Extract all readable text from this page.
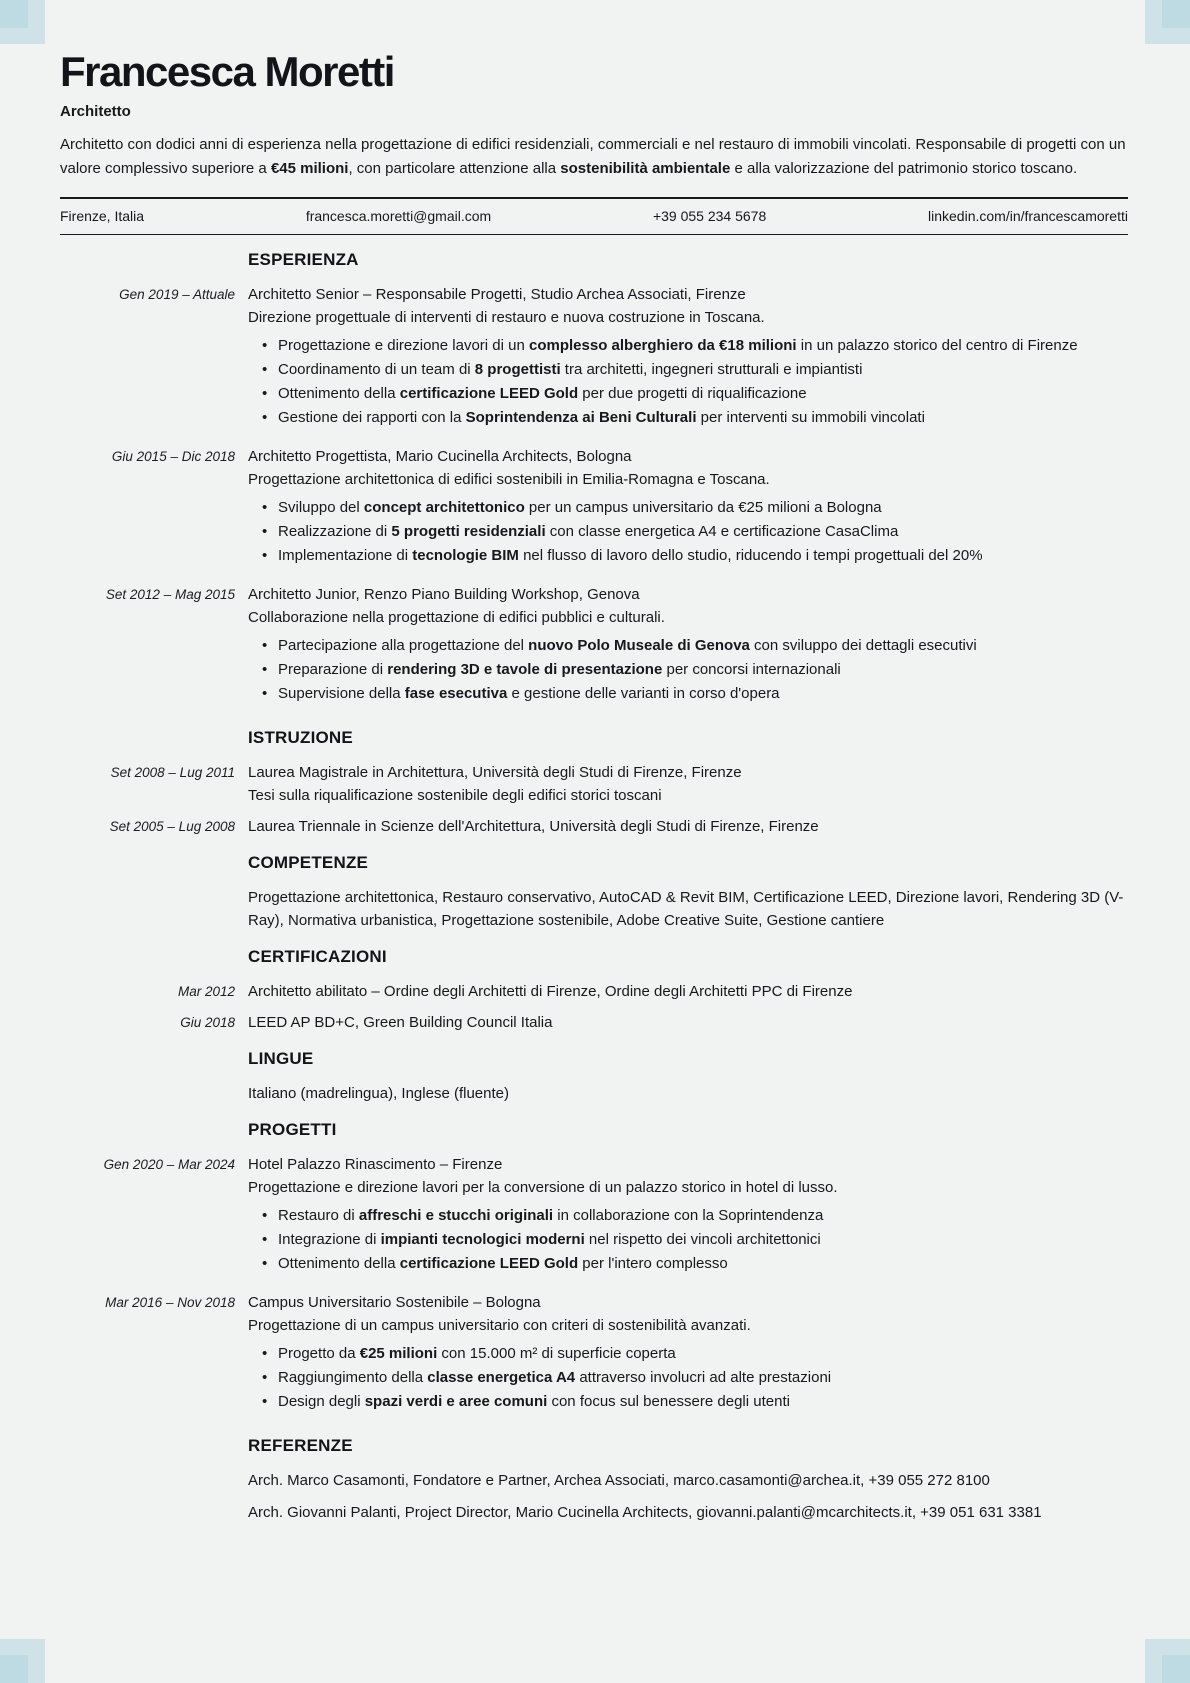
Francesca Moretti
Architetto

Architetto con dodici anni di esperienza nella progettazione di edifici residenziali, commerciali e nel restauro di immobili vincolati. Responsabile di progetti con un valore complessivo superiore a €45 milioni, con particolare attenzione alla sostenibilità ambientale e alla valorizzazione del patrimonio storico toscano.

Firenze, Italia	francesca.moretti@gmail.com	+39 055 234 5678	linkedin.com/in/francescamoretti
ESPERIENZA
Gen 2019 – Attuale Architetto Senior – Responsabile Progetti, Studio Archea Associati, Firenze
Direzione progettuale di interventi di restauro e nuova costruzione in Toscana.
• Progettazione e direzione lavori di un complesso alberghiero da €18 milioni in un palazzo storico del centro di Firenze
• Coordinamento di un team di 8 progettisti tra architetti, ingegneri strutturali e impiantisti
• Ottenimento della certificazione LEED Gold per due progetti di riqualificazione
• Gestione dei rapporti con la Soprintendenza ai Beni Culturali per interventi su immobili vincolati
Giu 2015 – Dic 2018 Architetto Progettista, Mario Cucinella Architects, Bologna
Progettazione architettonica di edifici sostenibili in Emilia-Romagna e Toscana.
• Sviluppo del concept architettonico per un campus universitario da €25 milioni a Bologna
• Realizzazione di 5 progetti residenziali con classe energetica A4 e certificazione CasaClima
• Implementazione di tecnologie BIM nel flusso di lavoro dello studio, riducendo i tempi progettuali del 20%
Set 2012 – Mag 2015 Architetto Junior, Renzo Piano Building Workshop, Genova
Collaborazione nella progettazione di edifici pubblici e culturali.
• Partecipazione alla progettazione del nuovo Polo Museale di Genova con sviluppo dei dettagli esecutivi
• Preparazione di rendering 3D e tavole di presentazione per concorsi internazionali
• Supervisione della fase esecutiva e gestione delle varianti in corso d'opera
ISTRUZIONE
Set 2008 – Lug 2011 Laurea Magistrale in Architettura, Università degli Studi di Firenze, Firenze
Tesi sulla riqualificazione sostenibile degli edifici storici toscani
Set 2005 – Lug 2008 Laurea Triennale in Scienze dell'Architettura, Università degli Studi di Firenze, Firenze
COMPETENZE
Progettazione architettonica, Restauro conservativo, AutoCAD & Revit BIM, Certificazione LEED, Direzione lavori, Rendering 3D (V-Ray), Normativa urbanistica, Progettazione sostenibile, Adobe Creative Suite, Gestione cantiere
CERTIFICAZIONI
Mar 2012 Architetto abilitato – Ordine degli Architetti di Firenze, Ordine degli Architetti PPC di Firenze
Giu 2018 LEED AP BD+C, Green Building Council Italia
LINGUE
Italiano (madrelingua), Inglese (fluente)
PROGETTI
Gen 2020 – Mar 2024 Hotel Palazzo Rinascimento – Firenze
Progettazione e direzione lavori per la conversione di un palazzo storico in hotel di lusso.
• Restauro di affreschi e stucchi originali in collaborazione con la Soprintendenza
• Integrazione di impianti tecnologici moderni nel rispetto dei vincoli architettonici
• Ottenimento della certificazione LEED Gold per l'intero complesso
Mar 2016 – Nov 2018 Campus Universitario Sostenibile – Bologna
Progettazione di un campus universitario con criteri di sostenibilità avanzati.
• Progetto da €25 milioni con 15.000 m² di superficie coperta
• Raggiungimento della classe energetica A4 attraverso involucri ad alte prestazioni
• Design degli spazi verdi e aree comuni con focus sul benessere degli utenti
REFERENZE
Arch. Marco Casamonti, Fondatore e Partner, Archea Associati, marco.casamonti@archea.it, +39 055 272 8100
Arch. Giovanni Palanti, Project Director, Mario Cucinella Architects, giovanni.palanti@mcarchitects.it, +39 051 631 3381
